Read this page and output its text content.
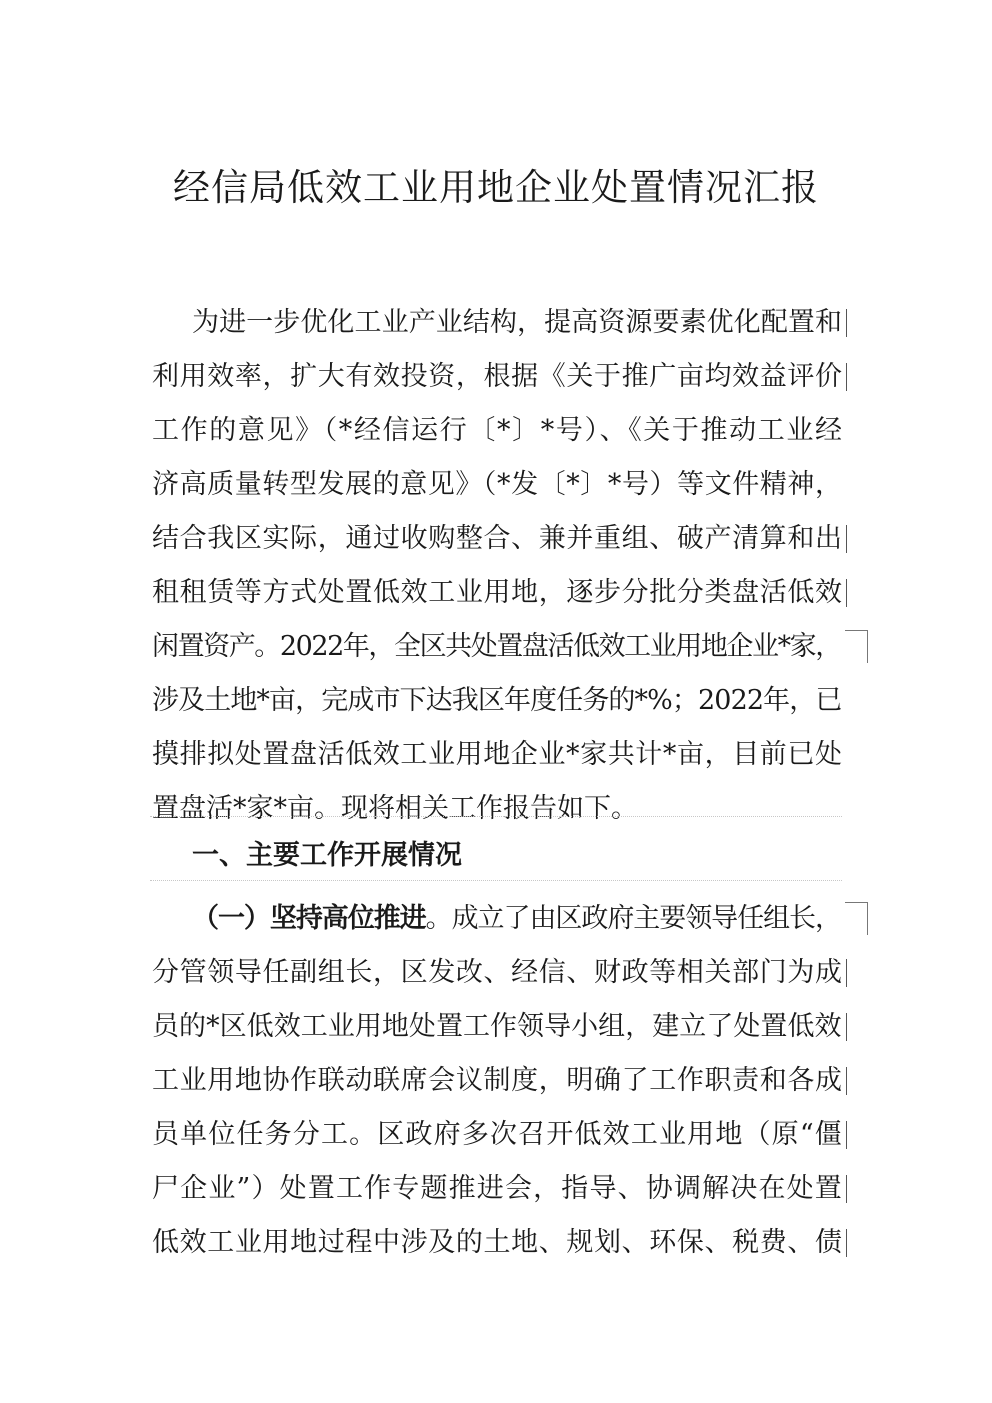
经信局低效工业用地企业处置情况汇报
为进一步优化工业产业结构，提高资源要素优化配置和
利用效率，扩大有效投资，根据《关于推广亩均效益评价
工作的意见》（*经信运行〔*〕*号）、《关于推动工业经
济高质量转型发展的意见》（*发〔*〕*号）等文件精神，
结合我区实际，通过收购整合、兼并重组、破产清算和出
租租赁等方式处置低效工业用地，逐步分批分类盘活低效
闲置资产。2022年，全区共处置盘活低效工业用地企业*家，
涉及土地*亩，完成市下达我区年度任务的*%；2022年，已
摸排拟处置盘活低效工业用地企业*家共计*亩，目前已处
置盘活*家*亩。现将相关工作报告如下。
一、主要工作开展情况
（一）坚持高位推进。成立了由区政府主要领导任组长，
分管领导任副组长，区发改、经信、财政等相关部门为成
员的*区低效工业用地处置工作领导小组，建立了处置低效
工业用地协作联动联席会议制度，明确了工作职责和各成
员单位任务分工。区政府多次召开低效工业用地（原“僵
尸企业”）处置工作专题推进会，指导、协调解决在处置
低效工业用地过程中涉及的土地、规划、环保、税费、债
